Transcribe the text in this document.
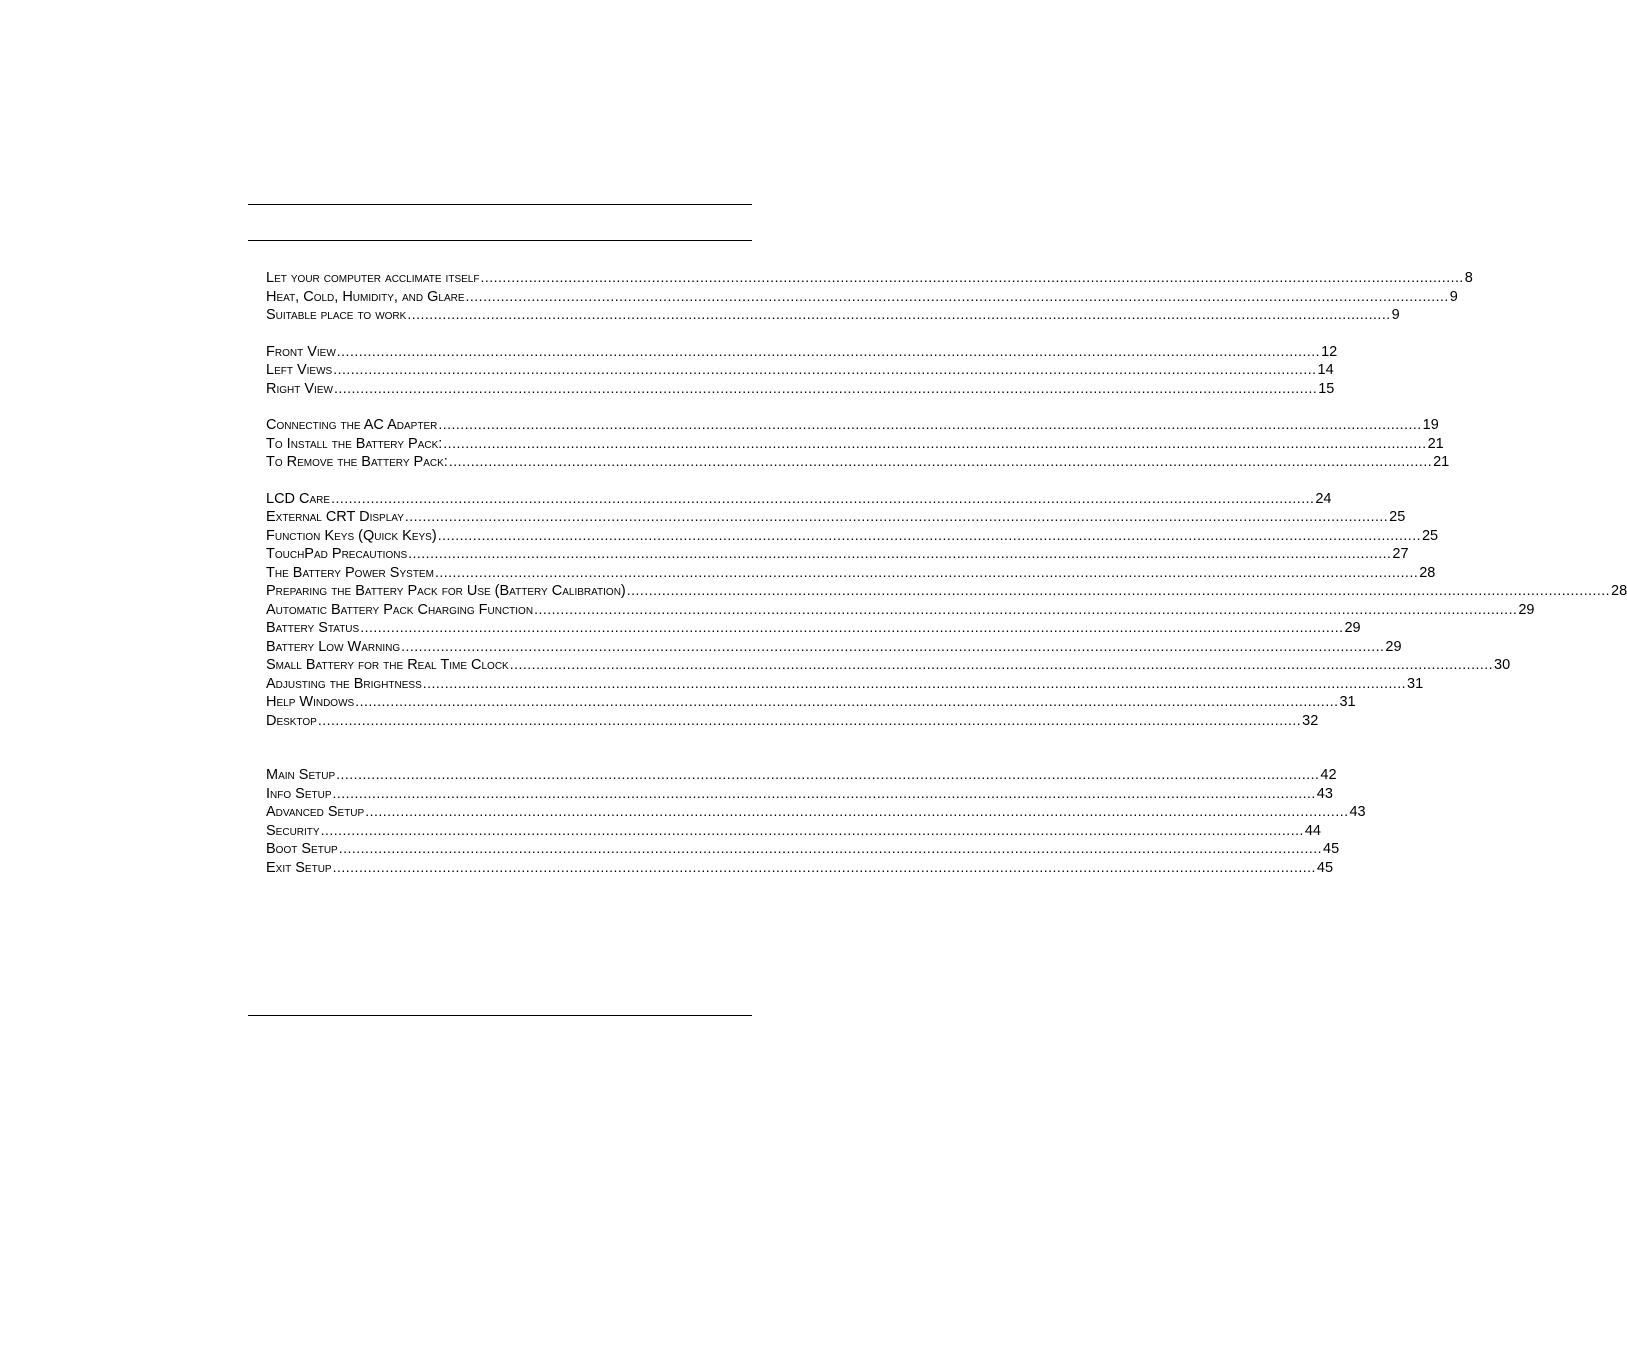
Let your computer acclimate itself .....	8
Heat, Cold, Humidity, and Glare .....	9
Suitable place to work .....	9
Front View .....	12
Left Views .....	14
Right View .....	15
Connecting the AC Adapter .....	19
To Install the Battery Pack: .....	21
To Remove the Battery Pack: .....	21
LCD Care .....	24
External CRT Display .....	25
Function Keys (Quick Keys) .....	25
TouchPad Precautions .....	27
The Battery Power System .....	28
Preparing the Battery Pack for Use (Battery Calibration) .....	28
Automatic Battery Pack Charging Function .....	29
Battery Status .....	29
Battery Low Warning .....	29
Small Battery for the Real Time Clock .....	30
Adjusting the Brightness .....	31
Help Windows .....	31
Desktop .....	32
Main Setup .....	42
Info Setup .....	43
Advanced Setup .....	43
Security .....	44
Boot Setup .....	45
Exit Setup .....	45
